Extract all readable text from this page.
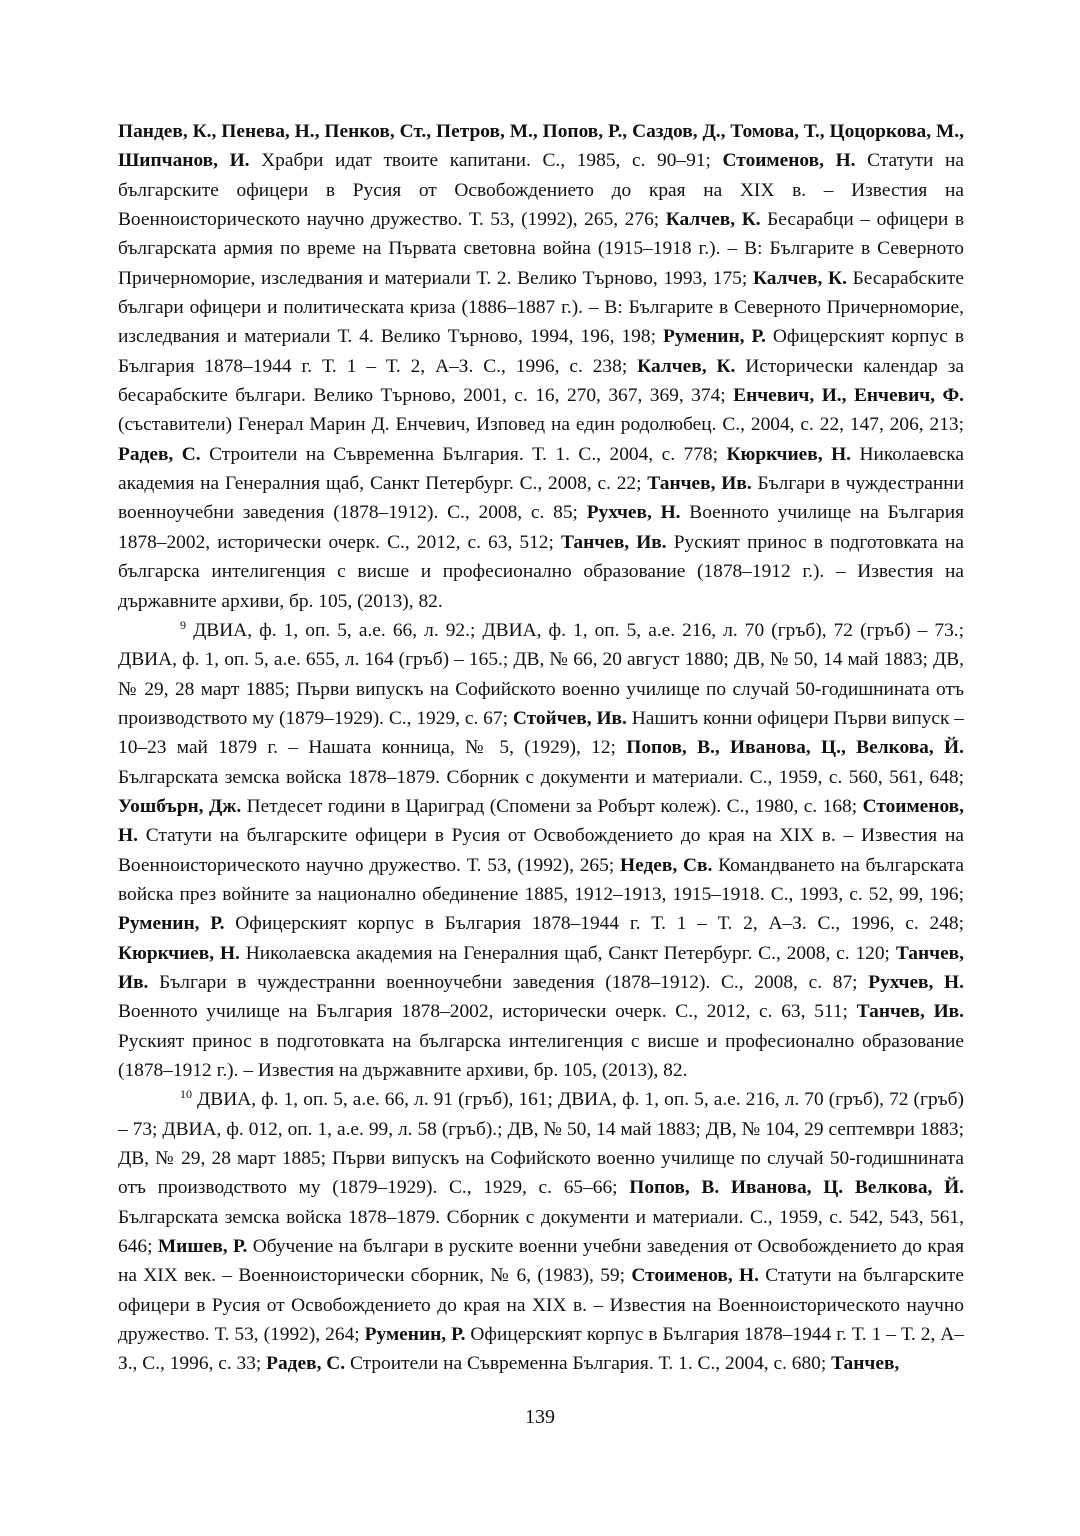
Пандев, К., Пенева, Н., Пенков, Ст., Петров, М., Попов, Р., Саздов, Д., Томова, Т., Цоцоркова, М., Шипчанов, И. Храбри идат твоите капитани. С., 1985, с. 90–91; Стоименов, Н. Статути на българските офицери в Русия от Освобождението до края на XIX в. – Известия на Военноисторическото научно дружество. Т. 53, (1992), 265, 276; Калчев, К. Бесарабци – офицери в българската армия по време на Първата световна война (1915–1918 г.). – В: Българите в Северното Причерноморие, изследвания и материали Т. 2. Велико Търново, 1993, 175; Калчев, К. Бесарабските българи офицери и политическата криза (1886–1887 г.). – В: Българите в Северното Причерноморие, изследвания и материали Т. 4. Велико Търново, 1994, 196, 198; Руменин, Р. Офицерският корпус в България 1878–1944 г. Т. 1 – Т. 2, А–З. С., 1996, с. 238; Калчев, К. Исторически календар за бесарабските българи. Велико Търново, 2001, с. 16, 270, 367, 369, 374; Енчевич, И., Енчевич, Ф. (съставители) Генерал Марин Д. Енчевич, Изповед на един родолюбец. С., 2004, с. 22, 147, 206, 213; Радев, С. Строители на Съвременна България. Т. 1. С., 2004, с. 778; Кюркчиев, Н. Николаевска академия на Генералния щаб, Санкт Петербург. С., 2008, с. 22; Танчев, Ив. Българи в чуждестранни военноучебни заведения (1878–1912). С., 2008, с. 85; Рухчев, Н. Военното училище на България 1878–2002, исторически очерк. С., 2012, с. 63, 512; Танчев, Ив. Руският принос в подготовката на българска интелигенция с висше и професионално образование (1878–1912 г.). – Известия на държавните архиви, бр. 105, (2013), 82.

$^9$ ДВИА, ф. 1, оп. 5, а.е. 66, л. 92.; ДВИА, ф. 1, оп. 5, а.е. 216, л. 70 (гръб), 72 (гръб) – 73.; ДВИА, ф. 1, оп. 5, а.е. 655, л. 164 (гръб) – 165.; ДВ, № 66, 20 август 1880; ДВ, № 50, 14 май 1883; ДВ, № 29, 28 март 1885; Първи випускъ на Софийското военно училище по случай 50-годишнината отъ производството му (1879–1929). С., 1929, с. 67; Стойчев, Ив. Нашитъ конни офицери Първи випуск – 10–23 май 1879 г. – Нашата конница, № 5, (1929), 12; Попов, В., Иванова, Ц., Велкова, Й. Българската земска войска 1878–1879. Сборник с документи и материали. С., 1959, с. 560, 561, 648; Уошбърн, Дж. Петдесет години в Цариград (Спомени за Робърт колеж). С., 1980, с. 168; Стоименов, Н. Статути на българските офицери в Русия от Освобождението до края на XIX в. – Известия на Военноисторическото научно дружество. Т. 53, (1992), 265; Недев, Св. Командването на българската войска през войните за национално обединение 1885, 1912–1913, 1915–1918. С., 1993, с. 52, 99, 196; Руменин, Р. Офицерският корпус в България 1878–1944 г. Т. 1 – Т. 2, А–З. С., 1996, с. 248; Кюркчиев, Н. Николаевска академия на Генералния щаб, Санкт Петербург. С., 2008, с. 120; Танчев, Ив. Българи в чуждестранни военноучебни заведения (1878–1912). С., 2008, с. 87; Рухчев, Н. Военното училище на България 1878–2002, исторически очерк. С., 2012, с. 63, 511; Танчев, Ив. Руският принос в подготовката на българска интелигенция с висше и професионално образование (1878–1912 г.). – Известия на държавните архиви, бр. 105, (2013), 82.

$^{10}$ ДВИА, ф. 1, оп. 5, а.е. 66, л. 91 (гръб), 161; ДВИА, ф. 1, оп. 5, а.е. 216, л. 70 (гръб), 72 (гръб) – 73; ДВИА, ф. 012, оп. 1, а.е. 99, л. 58 (гръб).; ДВ, № 50, 14 май 1883; ДВ, № 104, 29 септември 1883; ДВ, № 29, 28 март 1885; Първи випускъ на Софийското военно училище по случай 50-годишнината отъ производството му (1879–1929). С., 1929, с. 65–66; Попов, В. Иванова, Ц. Велкова, Й. Българската земска войска 1878–1879. Сборник с документи и материали. С., 1959, с. 542, 543, 561, 646; Мишев, Р. Обучение на българи в руските военни учебни заведения от Освобождението до края на XIX век. – Военноисторически сборник, № 6, (1983), 59; Стоименов, Н. Статути на българските офицери в Русия от Освобождението до края на XIX в. – Известия на Военноисторическото научно дружество. Т. 53, (1992), 264; Руменин, Р. Офицерският корпус в България 1878–1944 г. Т. 1 – Т. 2, А–З., С., 1996, с. 33; Радев, С. Строители на Съвременна България. Т. 1. С., 2004, с. 680; Танчев,

139
